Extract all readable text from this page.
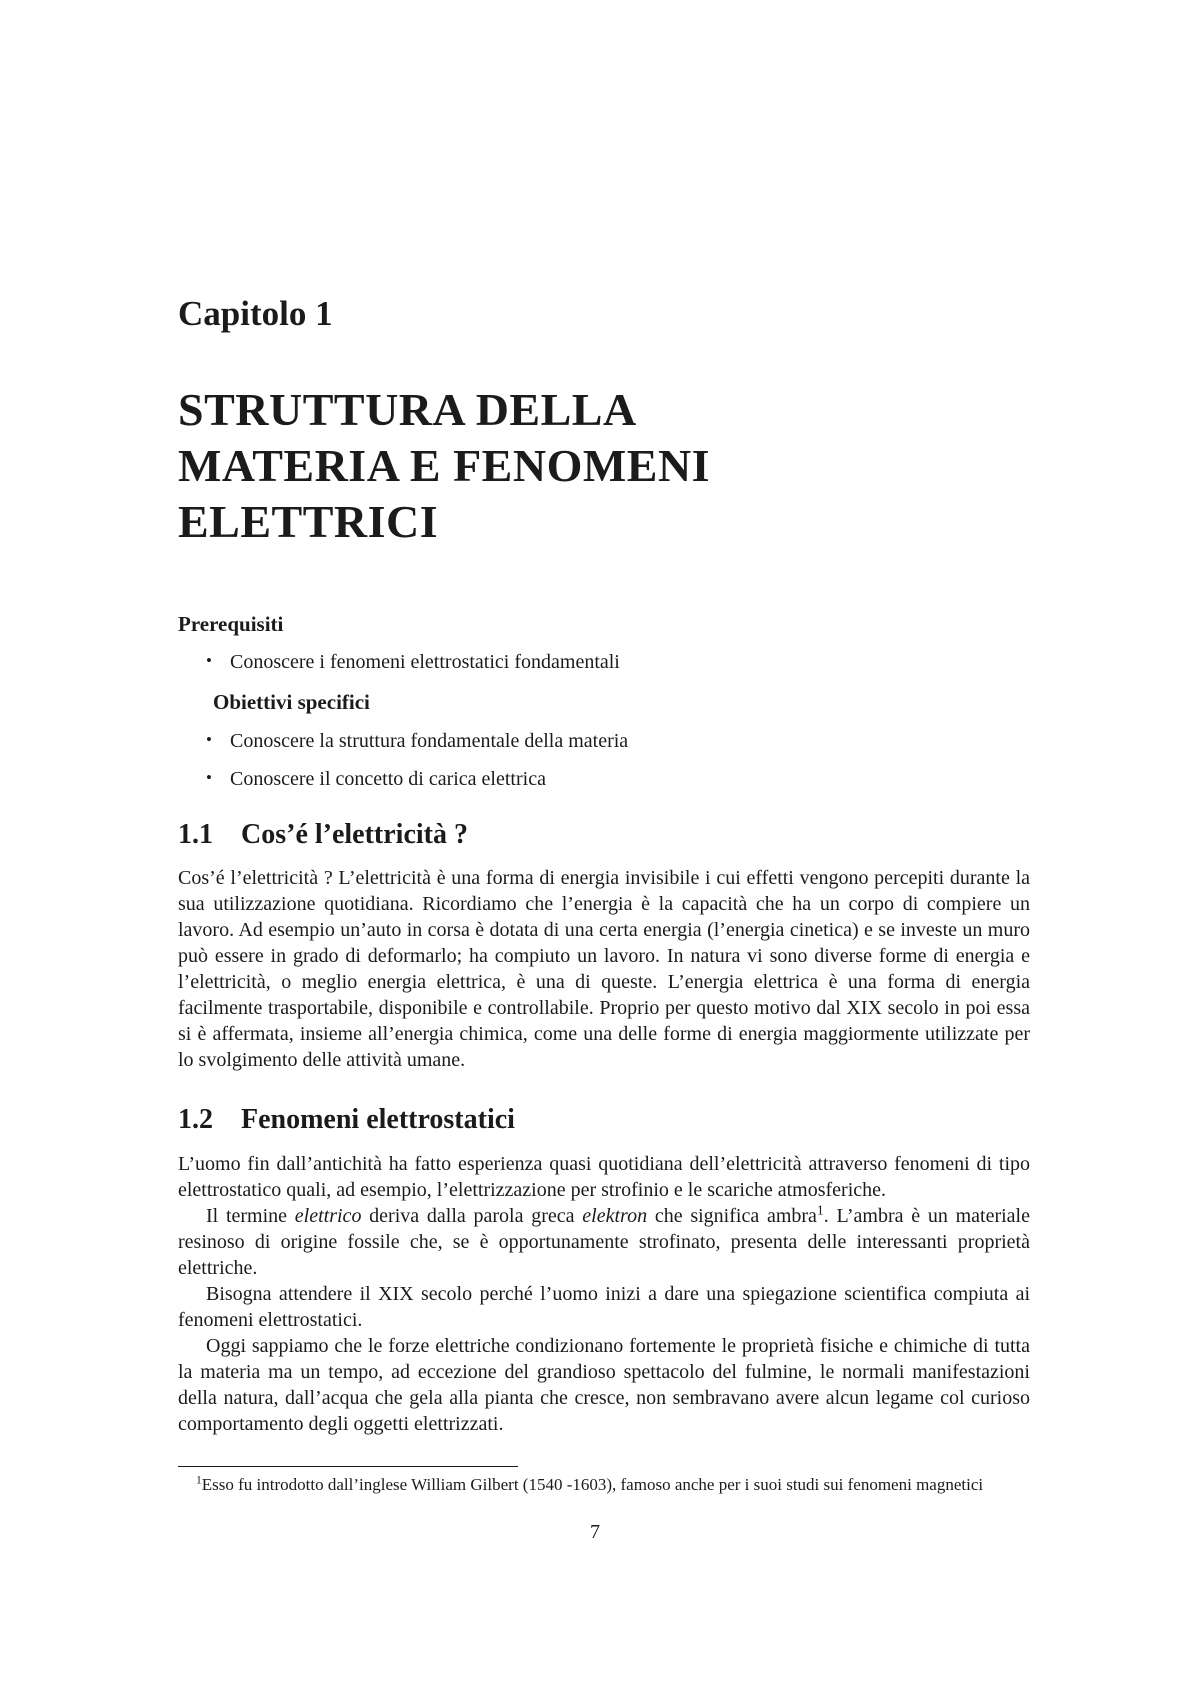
Capitolo 1
STRUTTURA DELLA
MATERIA E FENOMENI
ELETTRICI
Prerequisiti
• Conoscere i fenomeni elettrostatici fondamentali
Obiettivi specifici
• Conoscere la struttura fondamentale della materia
• Conoscere il concetto di carica elettrica
1.1 Cos’é l’elettricità ?

Cos’é l’elettricità ? L’elettricità è una forma di energia invisibile i cui effetti vengono percepiti durante la sua utilizzazione quotidiana. Ricordiamo che l’energia è la capacità che ha un corpo di compiere un lavoro. Ad esempio un’auto in corsa è dotata di una certa energia (l’energia cinetica) e se investe un muro può essere in grado di deformarlo; ha compiuto un lavoro. In natura vi sono diverse forme di energia e l’elettricità, o meglio energia elettrica, è una di queste. L’energia elettrica è una forma di energia facilmente trasportabile, disponibile e controllabile. Proprio per questo motivo dal XIX secolo in poi essa si è affermata, insieme all’energia chimica, come una delle forme di energia maggiormente utilizzate per lo svolgimento delle attività umane.

1.2 Fenomeni elettrostatici

L’uomo fin dall’antichità ha fatto esperienza quasi quotidiana dell’elettricità attraverso fenomeni di tipo elettrostatico quali, ad esempio, l’elettrizzazione per strofinio e le scariche atmosferiche.

Il termine elettrico deriva dalla parola greca elektron che significa ambra$^1$. L’ambra è un materiale resinoso di origine fossile che, se è opportunamente strofinato, presenta delle interessanti proprietà elettriche.

Bisogna attendere il XIX secolo perché l’uomo inizi a dare una spiegazione scientifica compiuta ai fenomeni elettrostatici.

Oggi sappiamo che le forze elettriche condizionano fortemente le proprietà fisiche e chimiche di tutta la materia ma un tempo, ad eccezione del grandioso spettacolo del fulmine, le normali manifestazioni della natura, dall’acqua che gela alla pianta che cresce, non sembravano avere alcun legame col curioso comportamento degli oggetti elettrizzati.

$^1$Esso fu introdotto dall’inglese William Gilbert (1540 -1603), famoso anche per i suoi studi sui fenomeni magnetici
7
